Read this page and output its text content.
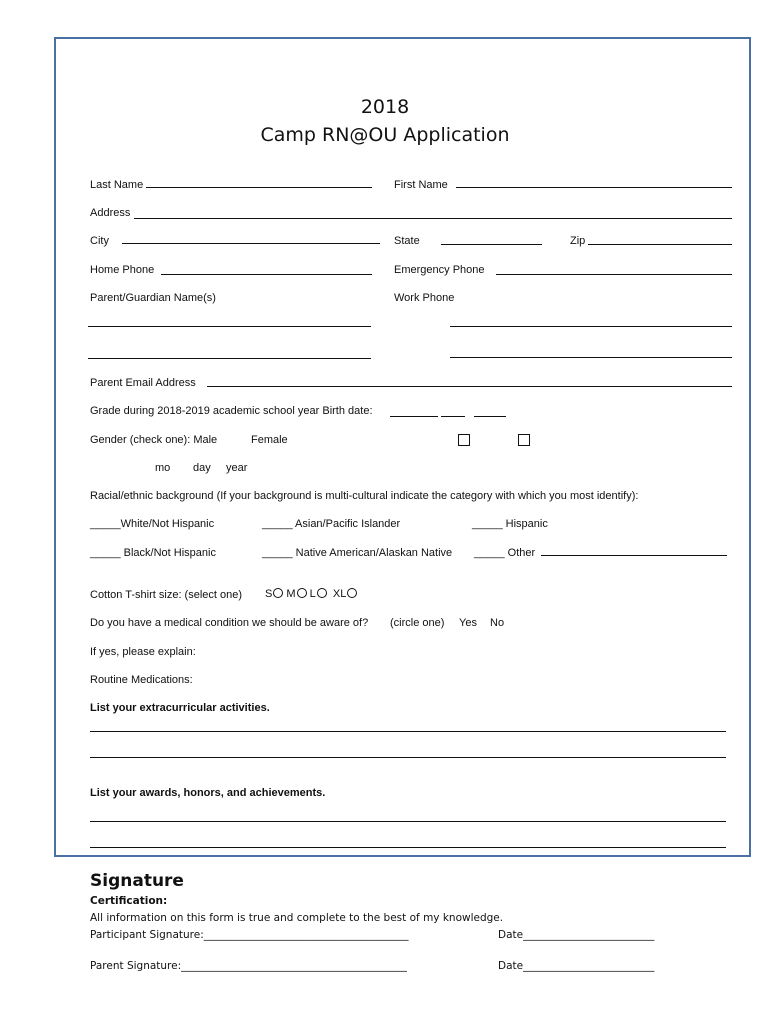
2018
Camp RN@OU Application
Last Name	First Name
Address
City	State	Zip
Home Phone	Emergency Phone
Parent/Guardian Name(s)	Work Phone
Parent Email Address
Grade during 2018-2019 academic school year Birth date:
Gender (check one): Male	Female
mo day year
Racial/ethnic background (If your background is multi-cultural indicate the category with which you most identify):
_____White/Not Hispanic	_____ Asian/Pacific Islander	_____ Hispanic
_____ Black/Not Hispanic	_____ Native American/Alaskan Native _____ Other
Cotton T-shirt size: (select one) S M L XL
Do you have a medical condition we should be aware of? (circle one) Yes No
If yes, please explain:
Routine Medications:
List your extracurricular activities.
List your awards, honors, and achievements.
Signature
Certification:
All information on this form is true and complete to the best of my knowledge.
Participant Signature:_______________________________________	Date_________________________
Parent Signature:___________________________________________	Date_________________________
